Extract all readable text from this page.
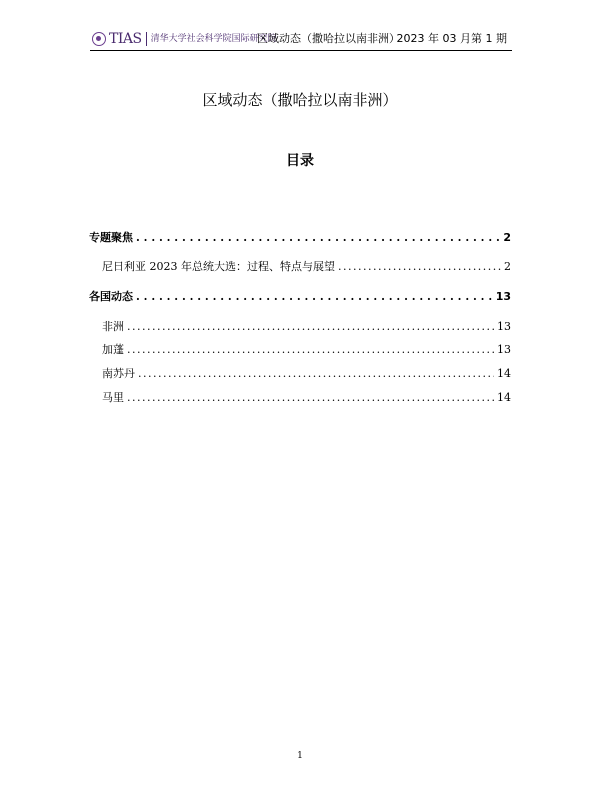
TIAS 清华大学社会科学院国际研究院
区域动态（撒哈拉以南非洲）
2023 年 03 月第 1 期
区域动态（撒哈拉以南非洲）
目录
专题聚焦 . . .	2
尼日利亚 2023 年总统大选：过程、特点与展望 . . .	2
各国动态 . . .	13
非洲 . . .	13
加蓬 . . .	13
南苏丹 . . .	14
马里 . . .	14
1
